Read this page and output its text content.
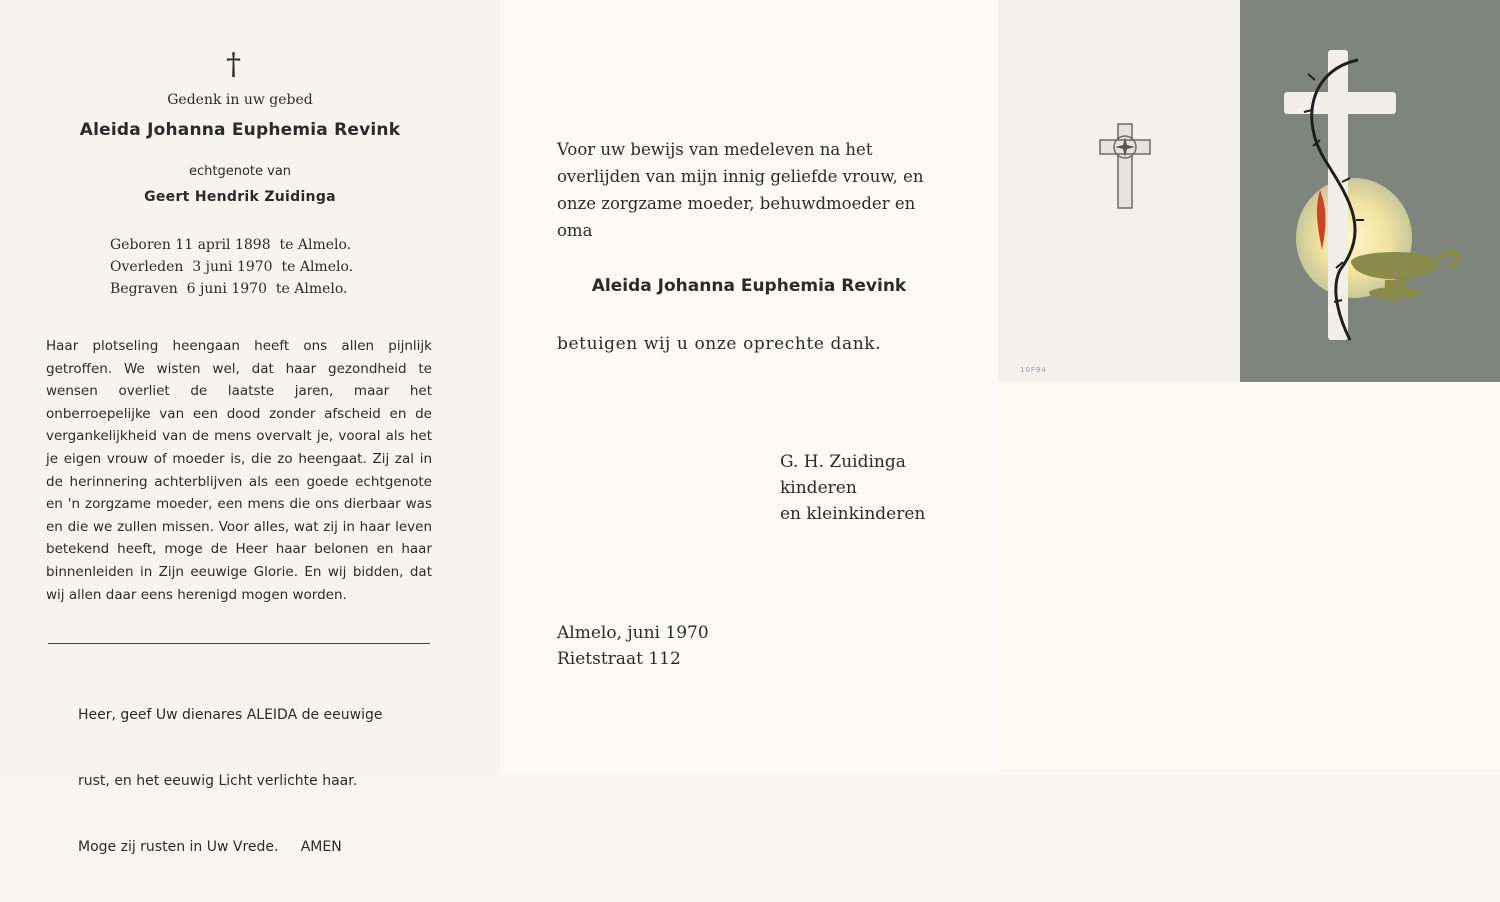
†
Gedenk in uw gebed
Aleida Johanna Euphemia Revink
echtgenote van
Geert Hendrik Zuidinga
Geboren 11 april 1898  te Almelo.
Overleden  3 juni 1970  te Almelo.
Begraven  6 juni 1970  te Almelo.
Haar plotseling heengaan heeft ons allen pijnlijk getroffen. We wisten wel, dat haar gezondheid te wensen overliet de laatste jaren, maar het onberroepelijke van een dood zonder afscheid en de vergankelijkheid van de mens overvalt je, vooral als het je eigen vrouw of moeder is, die zo heengaat. Zij zal in de herinnering achterblijven als een goede echtgenote en 'n zorgzame moeder, een mens die ons dierbaar was en die we zullen missen. Voor alles, wat zij in haar leven betekend heeft, moge de Heer haar belonen en haar binnenleiden in Zijn eeuwige Glorie. En wij bidden, dat wij allen daar eens herenigd mogen worden.

Heer, geef Uw dienares ALEIDA de eeuwige

rust, en het eeuwig Licht verlichte haar.

Moge zij rusten in Uw Vrede.     AMEN

Voor uw bewijs van medeleven na het overlijden van mijn innig geliefde vrouw, en onze zorgzame moeder, behuwdmoeder en oma
Aleida Johanna Euphemia Revink
betuigen wij u onze oprechte dank.
G. H. Zuidinga
kinderen
en kleinkinderen
Almelo, juni 1970
Rietstraat 112
10F94
